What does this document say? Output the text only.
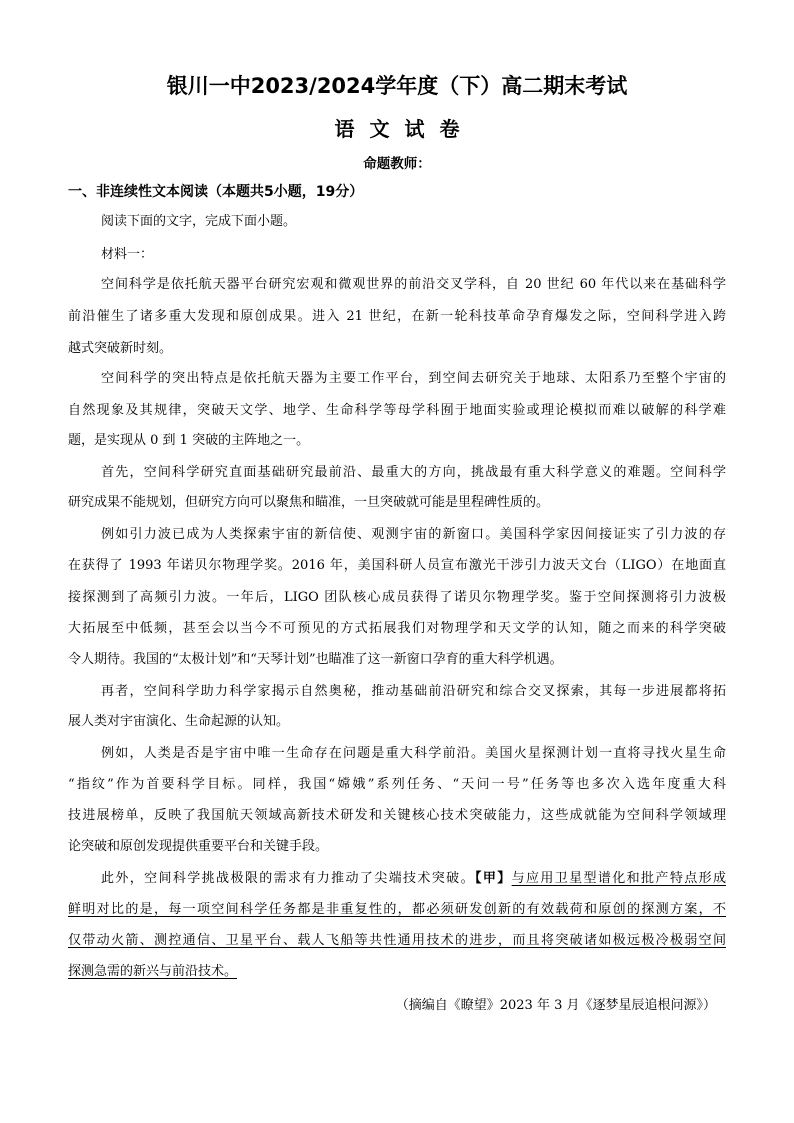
银川一中2023/2024学年度（下）高二期末考试
语文试卷
命题教师：
一、非连续性文本阅读（本题共5小题，19分）
阅读下面的文字，完成下面小题。
材料一：
空间科学是依托航天器平台研究宏观和微观世界的前沿交叉学科，自 20 世纪 60 年代以来在基础科学
前沿催生了诸多重大发现和原创成果。进入 21 世纪，在新一轮科技革命孕育爆发之际，空间科学进入跨
越式突破新时刻。
空间科学的突出特点是依托航天器为主要工作平台，到空间去研究关于地球、太阳系乃至整个宇宙的
自然现象及其规律，突破天文学、地学、生命科学等母学科囿于地面实验或理论模拟而难以破解的科学难
题，是实现从 0 到 1 突破的主阵地之一。
首先，空间科学研究直面基础研究最前沿、最重大的方向，挑战最有重大科学意义的难题。空间科学
研究成果不能规划，但研究方向可以聚焦和瞄准，一旦突破就可能是里程碑性质的。
例如引力波已成为人类探索宇宙的新信使、观测宇宙的新窗口。美国科学家因间接证实了引力波的存
在获得了 1993 年诺贝尔物理学奖。2016 年，美国科研人员宣布激光干涉引力波天文台（LIGO）在地面直
接探测到了高频引力波。一年后，LIGO 团队核心成员获得了诺贝尔物理学奖。鉴于空间探测将引力波极
大拓展至中低频，甚至会以当今不可预见的方式拓展我们对物理学和天文学的认知，随之而来的科学突破
令人期待。我国的“太极计划”和“天琴计划”也瞄准了这一新窗口孕育的重大科学机遇。
再者，空间科学助力科学家揭示自然奥秘，推动基础前沿研究和综合交叉探索，其每一步进展都将拓
展人类对宇宙演化、生命起源的认知。
例如，人类是否是宇宙中唯一生命存在问题是重大科学前沿。美国火星探测计划一直将寻找火星生命
“指纹”作为首要科学目标。同样，我国“嫦娥”系列任务、“天问一号”任务等也多次入选年度重大科
技进展榜单，反映了我国航天领域高新技术研发和关键核心技术突破能力，这些成就能为空间科学领域理
论突破和原创发现提供重要平台和关键手段。
此外，空间科学挑战极限的需求有力推动了尖端技术突破。【甲】与应用卫星型谱化和批产特点形成
鲜明对比的是，每一项空间科学任务都是非重复性的，都必须研发创新的有效载荷和原创的探测方案，不
仅带动火箭、测控通信、卫星平台、载人飞船等共性通用技术的进步，而且将突破诸如极远极冷极弱空间
探测急需的新兴与前沿技术。
（摘编自《瞭望》2023 年 3 月《逐梦星辰追根问源》）
